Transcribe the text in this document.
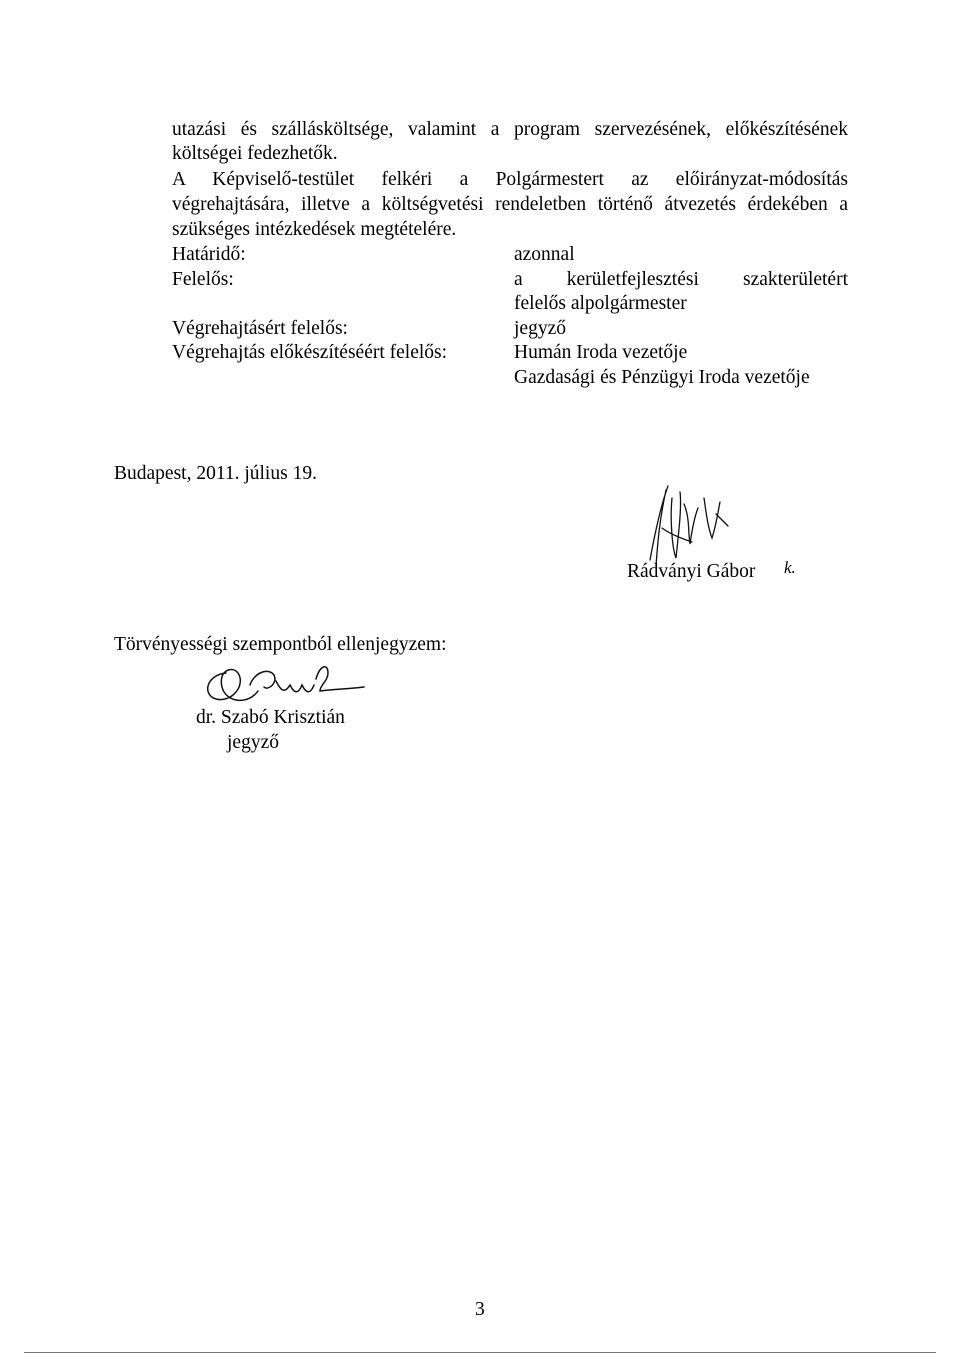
utazási és szállásköltsége, valamint a program szervezésének, előkészítésének
költségei fedezhetők.
A Képviselő-testület felkéri a Polgármestert az előirányzat-módosítás
végrehajtására, illetve a költségvetési rendeletben történő átvezetés érdekében a
szükséges intézkedések megtételére.
Határidő:	azonnal
Felelős:	a kerületfejlesztési szakterületért
felelős alpolgármester
Végrehajtásért felelős:	jegyző
Végrehajtás előkészítéséért felelős:	Humán Iroda vezetője
Gazdasági és Pénzügyi Iroda vezetője
Budapest, 2011. július 19.
Rádványi Gábor k.
Törvényességi szempontból ellenjegyzem:
dr. Szabó Krisztián
jegyző
3
